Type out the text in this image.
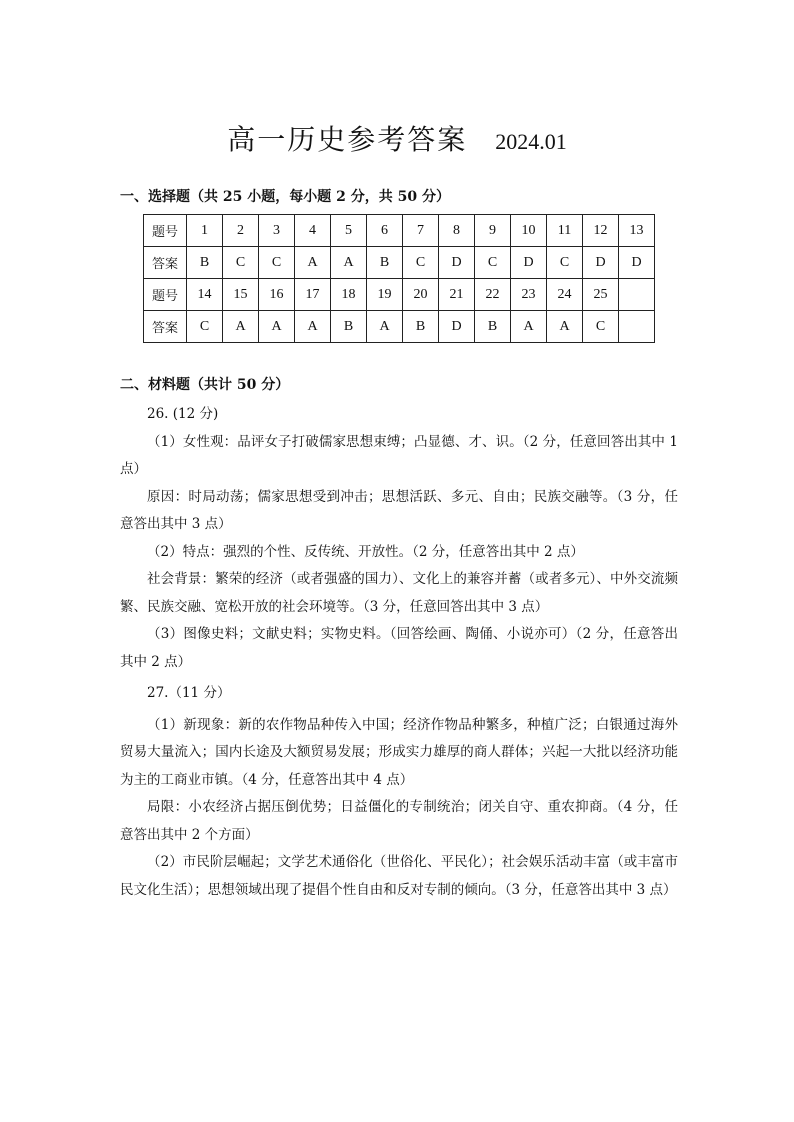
高一历史参考答案 2024.01
一、选择题（共 25 小题，每小题 2 分，共 50 分）
题号	1	2	3	4	5	6	7	8	9	10	11	12	13
答案	B	C	C	A	A	B	C	D	C	D	C	D	D
题号	14	15	16	17	18	19	20	21	22	23	24	25	
答案	C	A	A	A	B	A	B	D	B	A	A	C	
二、材料题（共计 50 分）

26. (12 分)

（1）女性观：品评女子打破儒家思想束缚；凸显德、才、识。（2 分，任意回答出其中 1 点）

原因：时局动荡；儒家思想受到冲击；思想活跃、多元、自由；民族交融等。（3 分，任意答出其中 3 点）

（2）特点：强烈的个性、反传统、开放性。（2 分，任意答出其中 2 点）

社会背景：繁荣的经济（或者强盛的国力）、文化上的兼容并蓄（或者多元）、中外交流频繁、民族交融、宽松开放的社会环境等。（3 分，任意回答出其中 3 点）

（3）图像史料；文献史料；实物史料。（回答绘画、陶俑、小说亦可）（2 分，任意答出其中 2 点）

27.（11 分）

（1）新现象：新的农作物品种传入中国；经济作物品种繁多，种植广泛；白银通过海外贸易大量流入；国内长途及大额贸易发展；形成实力雄厚的商人群体；兴起一大批以经济功能为主的工商业市镇。（4 分，任意答出其中 4 点）

局限：小农经济占据压倒优势；日益僵化的专制统治；闭关自守、重农抑商。（4 分，任意答出其中 2 个方面）

（2）市民阶层崛起；文学艺术通俗化（世俗化、平民化）；社会娱乐活动丰富（或丰富市民文化生活）；思想领域出现了提倡个性自由和反对专制的倾向。（3 分，任意答出其中 3 点）
